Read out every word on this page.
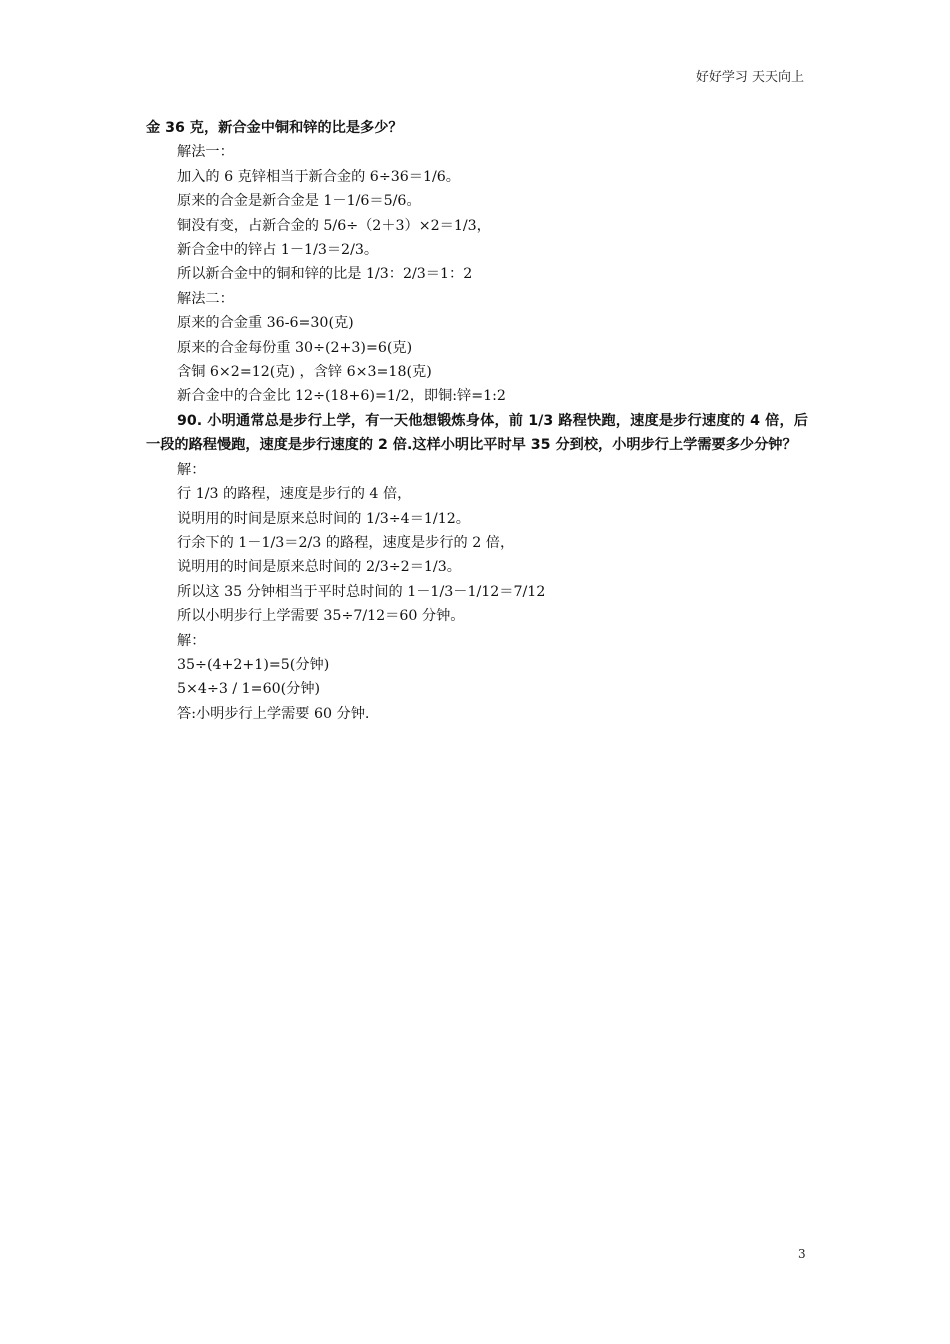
好好学习 天天向上

金 36 克，新合金中铜和锌的比是多少？

解法一：

加入的 6 克锌相当于新合金的 6÷36＝1/6。

原来的合金是新合金是 1－1/6＝5/6。

铜没有变，占新合金的 5/6÷（2＋3）×2＝1/3，

新合金中的锌占 1－1/3＝2/3。

所以新合金中的铜和锌的比是 1/3：2/3＝1：2

解法二：

原来的合金重 36-6=30(克)

原来的合金每份重 30÷(2+3)=6(克)

含铜 6×2=12(克) ，含锌 6×3=18(克)

新合金中的合金比 12÷(18+6)=1/2，即铜:锌=1:2

90. 小明通常总是步行上学，有一天他想锻炼身体，前 1/3 路程快跑，速度是步行速度的 4 倍，后一段的路程慢跑，速度是步行速度的 2 倍.这样小明比平时早 35 分到校，小明步行上学需要多少分钟？

解：

行 1/3 的路程，速度是步行的 4 倍，

说明用的时间是原来总时间的 1/3÷4＝1/12。

行余下的 1－1/3＝2/3 的路程，速度是步行的 2 倍，

说明用的时间是原来总时间的 2/3÷2＝1/3。

所以这 35 分钟相当于平时总时间的 1－1/3－1/12＝7/12

所以小明步行上学需要 35÷7/12＝60 分钟。

解：

35÷(4+2+1)=5(分钟)

5×4÷3 / 1=60(分钟)

答:小明步行上学需要 60 分钟.

3
